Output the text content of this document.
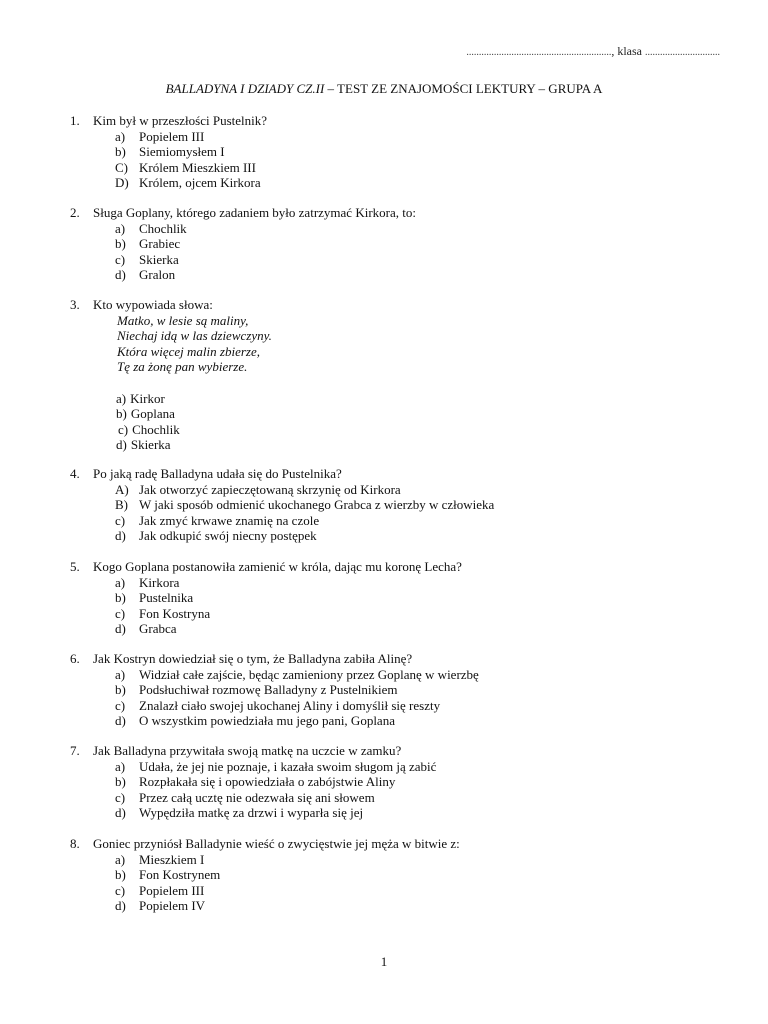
.........................................................., klasa ..............................
BALLADYNA I DZIADY CZ.II – TEST ZE ZNAJOMOŚCI LEKTURY – GRUPA A
1.	Kim był w przeszłości Pustelnik?
a)	Popielem III
b)	Siemiomysłem I
C) Królem Mieszkiem III
D) Królem, ojcem Kirkora
2.	Sługa Goplany, którego zadaniem było zatrzymać Kirkora, to:
a)	Chochlik
b)	Grabiec
c)	Skierka
d)	Gralon
3.	Kto wypowiada słowa:
Matko, w lesie są maliny,
Niechaj idą w las dziewczyny.
Która więcej malin zbierze,
Tę za żonę pan wybierze.
a) Kirkor
b) Goplana
c) Chochlik
d) Skierka
4.	Po jaką radę Balladyna udała się do Pustelnika?
A) Jak otworzyć zapieczętowaną skrzynię od Kirkora
B) W jaki sposób odmienić ukochanego Grabca z wierzby w człowieka
c)	Jak zmyć krwawe znamię na czole
d)	Jak odkupić swój niecny postępek
5.	Kogo Goplana postanowiła zamienić w króla, dając mu koronę Lecha?
a)	Kirkora
b)	Pustelnika
c)	Fon Kostryna
d)	Grabca
6.	Jak Kostryn dowiedział się o tym, że Balladyna zabiła Alinę?
a)	Widział całe zajście, będąc zamieniony przez Goplanę w wierzbę
b)	Podsłuchiwał rozmowę Balladyny z Pustelnikiem
c)	Znalazł ciało swojej ukochanej Aliny i domyślił się reszty
d)	O wszystkim powiedziała mu jego pani, Goplana
7.	Jak Balladyna przywitała swoją matkę na uczcie w zamku?
a)	Udała, że jej nie poznaje, i kazała swoim sługom ją zabić
b)	Rozpłakała się i opowiedziała o zabójstwie Aliny
c)	Przez całą ucztę nie odezwała się ani słowem
d)	Wypędziła matkę za drzwi i wyparła się jej
8.	Goniec przyniósł Balladynie wieść o zwycięstwie jej męża w bitwie z:
a)	Mieszkiem I
b)	Fon Kostrynem
c)	Popielem III
d)	Popielem IV
1
